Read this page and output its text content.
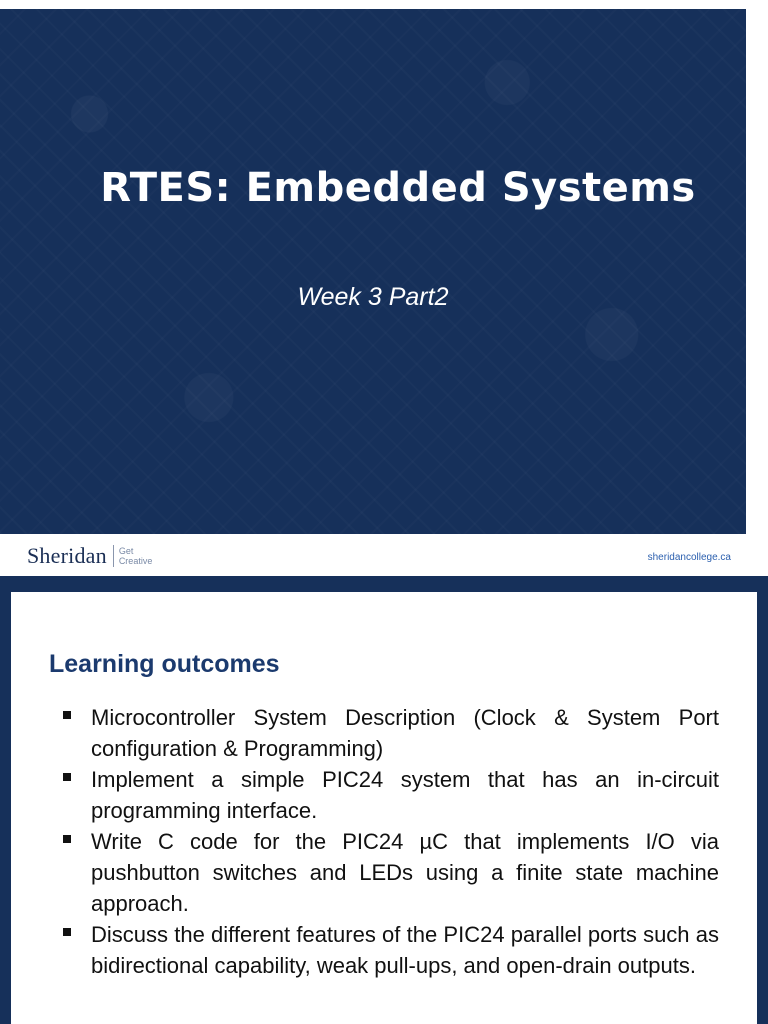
RTES: Embedded Systems
Week 3 Part2
Sheridan Get
Creative	sheridancollege.ca
Learning outcomes
Microcontroller System Description (Clock & System Port configuration & Programming)
Implement a simple PIC24 system that has an in-circuit programming interface.
Write C code for the PIC24 µC that implements I/O via pushbutton switches and LEDs using a finite state machine approach.
Discuss the different features of the PIC24 parallel ports such as bidirectional capability, weak pull-ups, and open-drain outputs.
